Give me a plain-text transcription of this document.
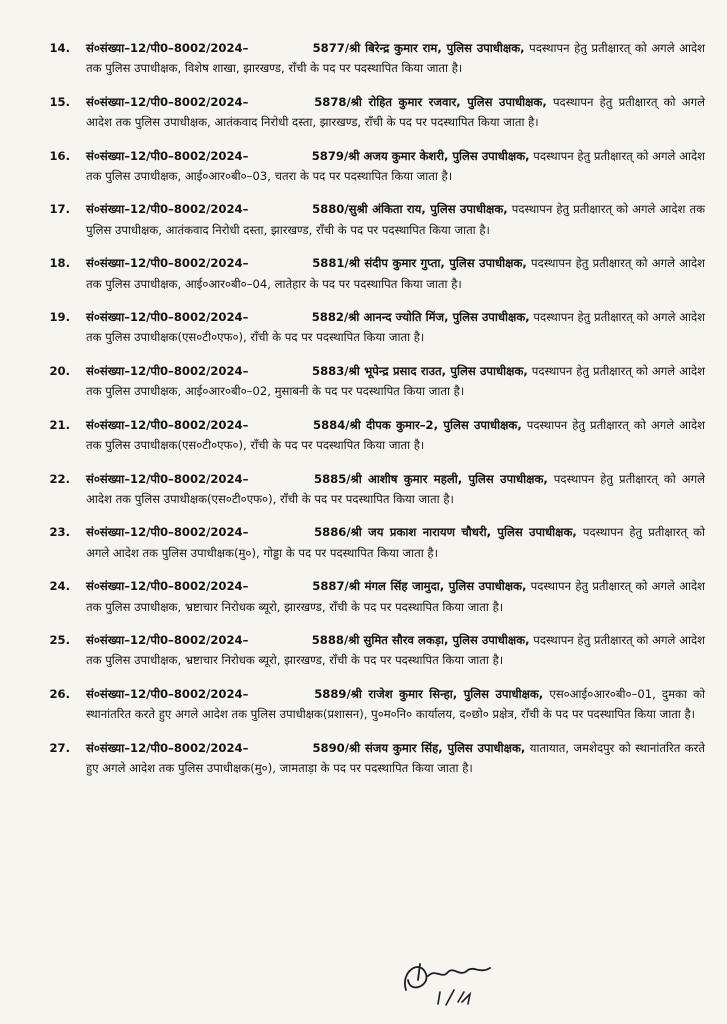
14. सं०संख्या–12/पी0–8002/2024–	5877/श्री बिरेन्द्र कुमार राम, पुलिस उपाधीक्षक, पदस्थापन हेतु प्रतीक्षारत् को अगले आदेश तक पुलिस उपाधीक्षक, विशेष शाखा, झारखण्ड, राँची के पद पर पदस्थापित किया जाता है।
15. सं०संख्या–12/पी0–8002/2024–	5878/श्री रोहित कुमार रजवार, पुलिस उपाधीक्षक, पदस्थापन हेतु प्रतीक्षारत् को अगले आदेश तक पुलिस उपाधीक्षक, आतंकवाद निरोधी दस्ता, झारखण्ड, राँची के पद पर पदस्थापित किया जाता है।
16. सं०संख्या–12/पी0–8002/2024–	5879/श्री अजय कुमार केशरी, पुलिस उपाधीक्षक, पदस्थापन हेतु प्रतीक्षारत् को अगले आदेश तक पुलिस उपाधीक्षक, आई०आर०बी०–03, चतरा के पद पर पदस्थापित किया जाता है।
17. सं०संख्या–12/पी0–8002/2024–	5880/सुश्री अंकिता राय, पुलिस उपाधीक्षक, पदस्थापन हेतु प्रतीक्षारत् को अगले आदेश तक पुलिस उपाधीक्षक, आतंकवाद निरोधी दस्ता, झारखण्ड, राँची के पद पर पदस्थापित किया जाता है।
18. सं०संख्या–12/पी0–8002/2024–	5881/श्री संदीप कुमार गुप्ता, पुलिस उपाधीक्षक, पदस्थापन हेतु प्रतीक्षारत् को अगले आदेश तक पुलिस उपाधीक्षक, आई०आर०बी०–04, लातेहार के पद पर पदस्थापित किया जाता है।
19. सं०संख्या–12/पी0–8002/2024–	5882/श्री आनन्द ज्योति मिंज, पुलिस उपाधीक्षक, पदस्थापन हेतु प्रतीक्षारत् को अगले आदेश तक पुलिस उपाधीक्षक(एस०टी०एफ०), राँची के पद पर पदस्थापित किया जाता है।
20. सं०संख्या–12/पी0–8002/2024–	5883/श्री भूपेन्द्र प्रसाद राउत, पुलिस उपाधीक्षक, पदस्थापन हेतु प्रतीक्षारत् को अगले आदेश तक पुलिस उपाधीक्षक, आई०आर०बी०–02, मुसाबनी के पद पर पदस्थापित किया जाता है।
21. सं०संख्या–12/पी0–8002/2024–	5884/श्री दीपक कुमार–2, पुलिस उपाधीक्षक, पदस्थापन हेतु प्रतीक्षारत् को अगले आदेश तक पुलिस उपाधीक्षक(एस०टी०एफ०), राँची के पद पर पदस्थापित किया जाता है।
22. सं०संख्या–12/पी0–8002/2024–	5885/श्री आशीष कुमार महली, पुलिस उपाधीक्षक, पदस्थापन हेतु प्रतीक्षारत् को अगले आदेश तक पुलिस उपाधीक्षक(एस०टी०एफ०), राँची के पद पर पदस्थापित किया जाता है।
23. सं०संख्या–12/पी0–8002/2024–	5886/श्री जय प्रकाश नारायण चौधरी, पुलिस उपाधीक्षक, पदस्थापन हेतु प्रतीक्षारत् को अगले आदेश तक पुलिस उपाधीक्षक(मु०), गोड्डा के पद पर पदस्थापित किया जाता है।
24. सं०संख्या–12/पी0–8002/2024–	5887/श्री मंगल सिंह जामुदा, पुलिस उपाधीक्षक, पदस्थापन हेतु प्रतीक्षारत् को अगले आदेश तक पुलिस उपाधीक्षक, भ्रष्टाचार निरोधक ब्यूरो, झारखण्ड, राँची के पद पर पदस्थापित किया जाता है।
25. सं०संख्या–12/पी0–8002/2024–	5888/श्री सुमित सौरव लकड़ा, पुलिस उपाधीक्षक, पदस्थापन हेतु प्रतीक्षारत् को अगले आदेश तक पुलिस उपाधीक्षक, भ्रष्टाचार निरोधक ब्यूरो, झारखण्ड, राँची के पद पर पदस्थापित किया जाता है।
26. सं०संख्या–12/पी0–8002/2024–	5889/श्री राजेश कुमार सिन्हा, पुलिस उपाधीक्षक, एस०आई०आर०बी०–01, दुमका को स्थानांतरित करते हुए अगले आदेश तक पुलिस उपाधीक्षक(प्रशासन), पु०म०नि० कार्यालय, द०छो० प्रक्षेत्र, राँची के पद पर पदस्थापित किया जाता है।
27. सं०संख्या–12/पी0–8002/2024–	5890/श्री संजय कुमार सिंह, पुलिस उपाधीक्षक, यातायात, जमशेदपुर को स्थानांतरित करते हुए अगले आदेश तक पुलिस उपाधीक्षक(मु०), जामताड़ा के पद पर पदस्थापित किया जाता है।
